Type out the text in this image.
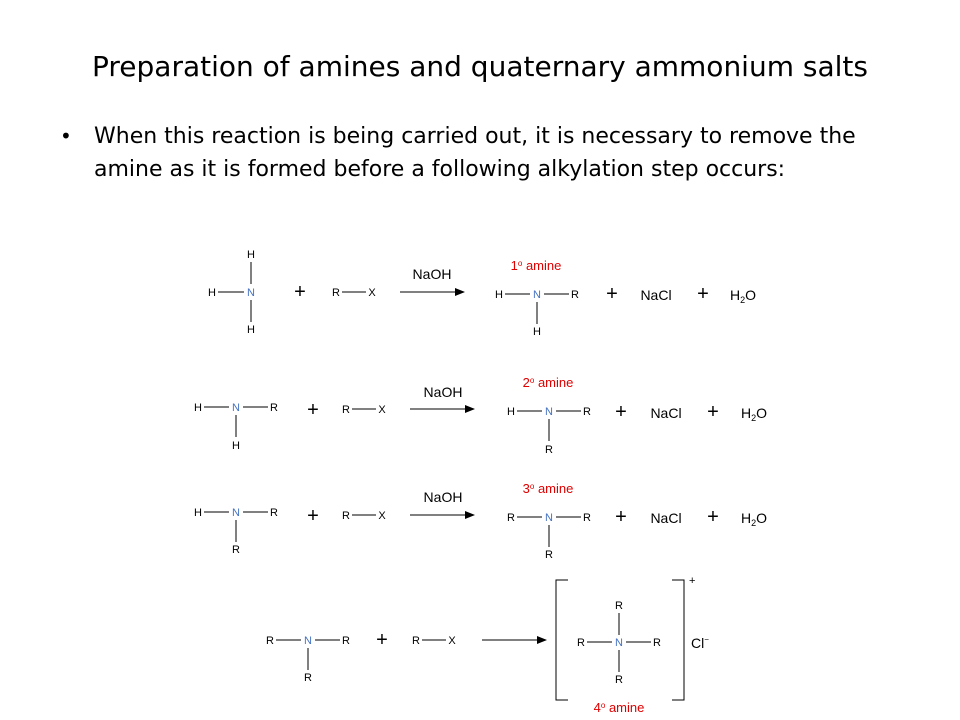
Preparation of amines and quaternary ammonium salts
• When this reaction is being carried out, it is necessary to remove the amine as it is formed before a following alkylation step occurs:
H
H	N
H
+ R	X
NaOH
1$^o$ amine
H	N	R
H
+ NaCl + $H_2O$
H	N	R
H
+ R	X
NaOH
2$^o$ amine
H	N	R
R
+ NaCl + $H_2O$
H	N	R
R
+ R	X
NaOH
3$^o$ amine
R	N	R
R
+ NaCl + $H_2O$
R	N	R
R
+ R	X
+
R
R	N	R
R
Cl−
4$^o$ amine
